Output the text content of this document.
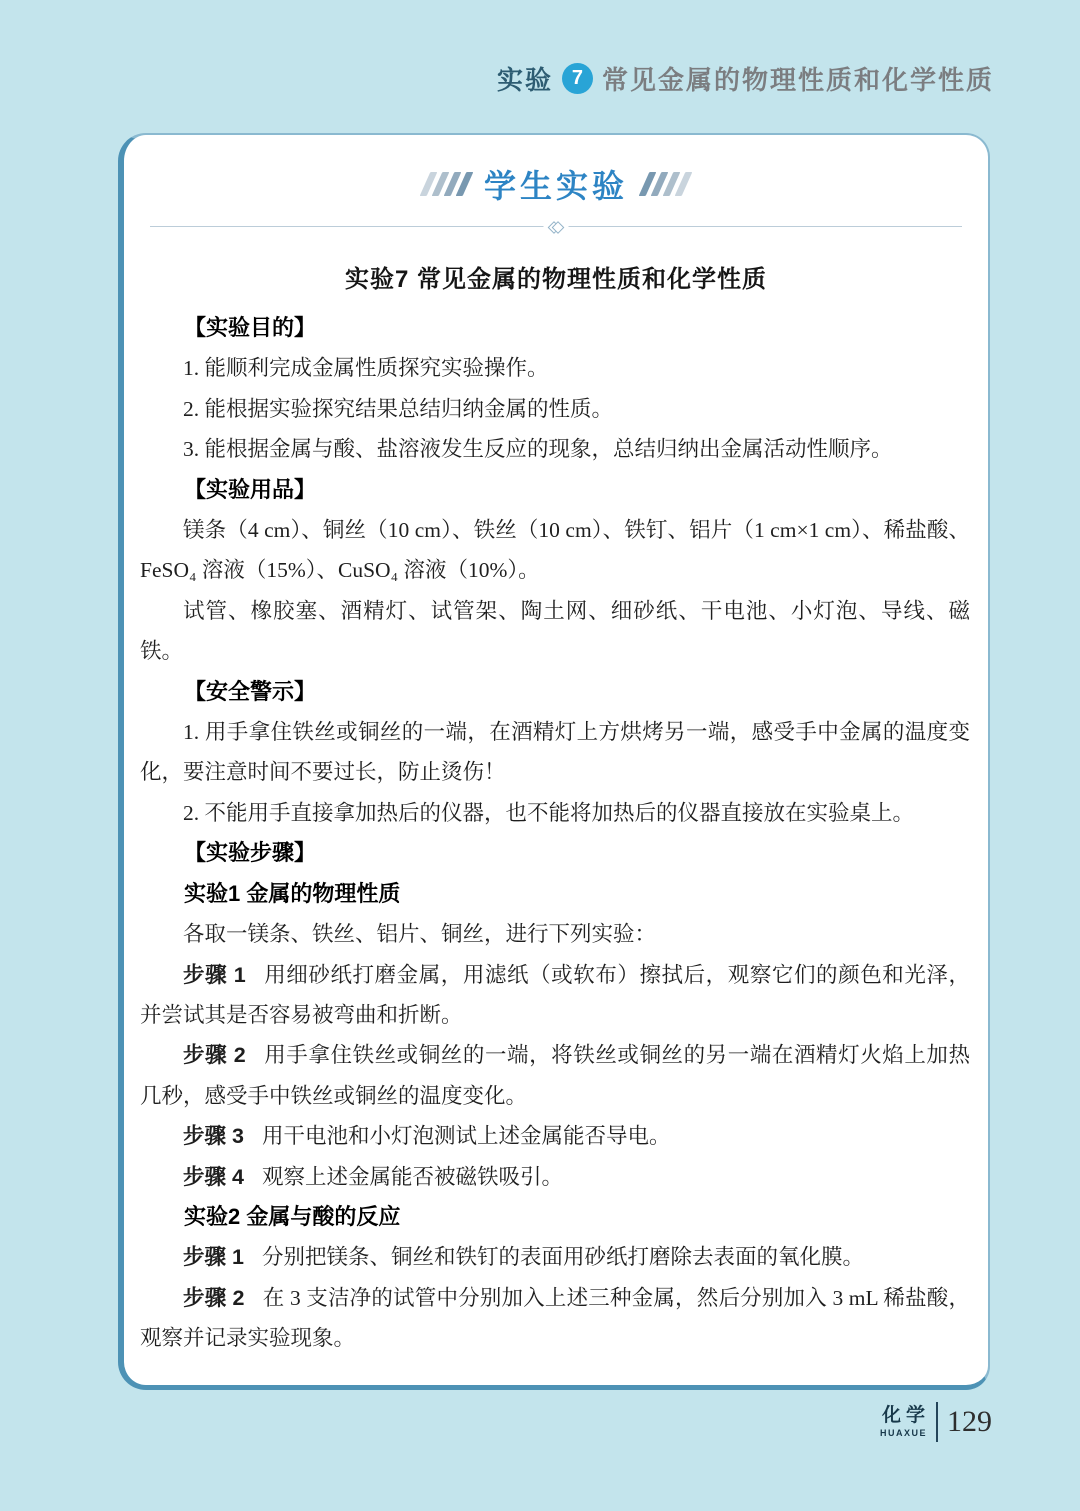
实验 7 常见金属的物理性质和化学性质
学生实验
实验7 常见金属的物理性质和化学性质

【实验目的】

1. 能顺利完成金属性质探究实验操作。

2. 能根据实验探究结果总结归纳金属的性质。

3. 能根据金属与酸、盐溶液发生反应的现象，总结归纳出金属活动性顺序。

【实验用品】

镁条（4 cm）、铜丝（10 cm）、铁丝（10 cm）、铁钉、铝片（1 cm×1 cm）、稀盐酸、FeSO₄ 溶液（15%）、CuSO₄ 溶液（10%）。

试管、橡胶塞、酒精灯、试管架、陶土网、细砂纸、干电池、小灯泡、导线、磁铁。

【安全警示】

1. 用手拿住铁丝或铜丝的一端，在酒精灯上方烘烤另一端，感受手中金属的温度变化，要注意时间不要过长，防止烫伤！

2. 不能用手直接拿加热后的仪器，也不能将加热后的仪器直接放在实验桌上。

【实验步骤】

实验1 金属的物理性质

各取一镁条、铁丝、铝片、铜丝，进行下列实验：

步骤 1 用细砂纸打磨金属，用滤纸（或软布）擦拭后，观察它们的颜色和光泽，并尝试其是否容易被弯曲和折断。

步骤 2 用手拿住铁丝或铜丝的一端，将铁丝或铜丝的另一端在酒精灯火焰上加热几秒，感受手中铁丝或铜丝的温度变化。

步骤 3 用干电池和小灯泡测试上述金属能否导电。

步骤 4 观察上述金属能否被磁铁吸引。

实验2 金属与酸的反应

步骤 1 分别把镁条、铜丝和铁钉的表面用砂纸打磨除去表面的氧化膜。

步骤 2 在 3 支洁净的试管中分别加入上述三种金属，然后分别加入 3 mL 稀盐酸，观察并记录实验现象。

化学
HUAXUE 129
